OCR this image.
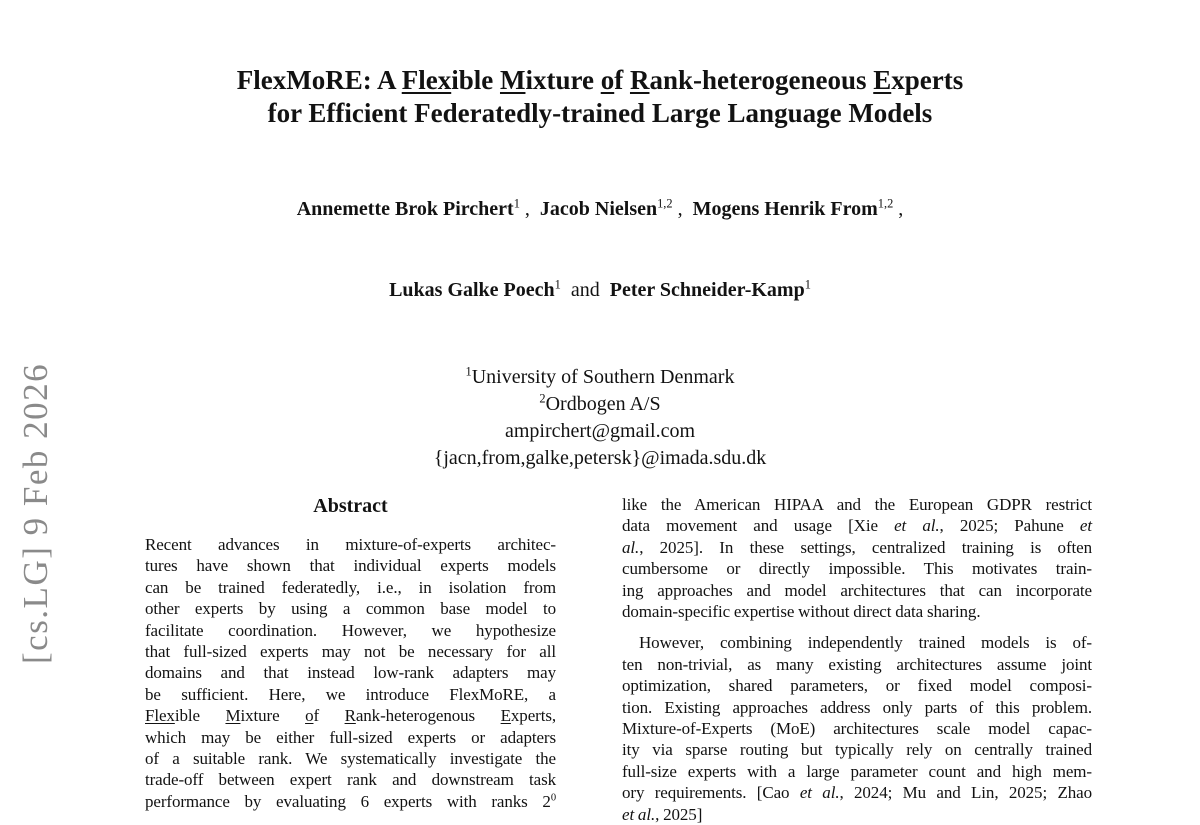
[cs.LG] 9 Feb 2026
FlexMoRE: A Flexible Mixture of Rank-heterogeneous Experts
for Efficient Federatedly-trained Large Language Models

Annemette Brok Pirchert$^1$ ,  Jacob Nielsen$^{1,2}$ ,  Mogens Henrik From$^{1,2}$ ,

Lukas Galke Poech$^1$  and  Peter Schneider-Kamp$^1$

$^1$University of Southern Denmark
$^2$Ordbogen A/S
ampirchert@gmail.com
{jacn,from,galke,petersk}@imada.sdu.dk
Abstract
Recent advances in mixture-of-experts architec-
tures have shown that individual experts models
can be trained federatedly, i.e., in isolation from
other experts by using a common base model to
facilitate coordination. However, we hypothesize
that full-sized experts may not be necessary for all
domains and that instead low-rank adapters may
be sufficient. Here, we introduce FlexMoRE, a
Flexible Mixture of Rank-heterogenous Experts,
which may be either full-sized experts or adapters
of a suitable rank. We systematically investigate the
trade-off between expert rank and downstream task
performance by evaluating 6 experts with ranks $2^0$
like the American HIPAA and the European GDPR restrict
data movement and usage [Xie et al., 2025; Pahune et
al., 2025]. In these settings, centralized training is often
cumbersome or directly impossible. This motivates train-
ing approaches and model architectures that can incorporate
domain-specific expertise without direct data sharing.
However, combining independently trained models is of-
ten non-trivial, as many existing architectures assume joint
optimization, shared parameters, or fixed model composi-
tion. Existing approaches address only parts of this problem.
Mixture-of-Experts (MoE) architectures scale model capac-
ity via sparse routing but typically rely on centrally trained
full-size experts with a large parameter count and high mem-
ory requirements. [Cao et al., 2024; Mu and Lin, 2025; Zhao
et al., 2025]
